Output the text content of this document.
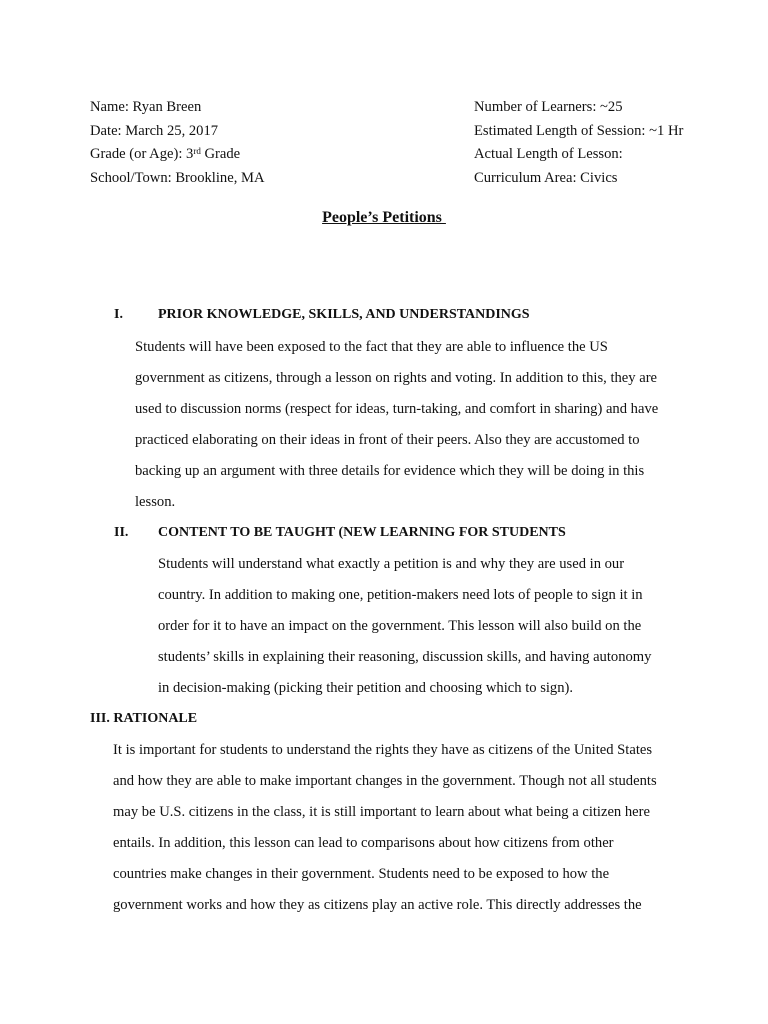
Name: Ryan Breen
Date: March 25, 2017
Grade (or Age): 3rd Grade
School/Town: Brookline, MA
Number of Learners: ~25
Estimated Length of Session: ~1 Hr
Actual Length of Lesson:
Curriculum Area: Civics
People’s Petitions
I.	PRIOR KNOWLEDGE, SKILLS, AND UNDERSTANDINGS
Students will have been exposed to the fact that they are able to influence the US
government as citizens, through a lesson on rights and voting. In addition to this, they are
used to discussion norms (respect for ideas, turn-taking, and comfort in sharing) and have
practiced elaborating on their ideas in front of their peers. Also they are accustomed to
backing up an argument with three details for evidence which they will be doing in this
lesson.
II. CONTENT TO BE TAUGHT (NEW LEARNING FOR STUDENTS
Students will understand what exactly a petition is and why they are used in our
country. In addition to making one, petition-makers need lots of people to sign it in
order for it to have an impact on the government. This lesson will also build on the
students’ skills in explaining their reasoning, discussion skills, and having autonomy
in decision-making (picking their petition and choosing which to sign).
III. RATIONALE
It is important for students to understand the rights they have as citizens of the United States
and how they are able to make important changes in the government. Though not all students
may be U.S. citizens in the class, it is still important to learn about what being a citizen here
entails. In addition, this lesson can lead to comparisons about how citizens from other
countries make changes in their government. Students need to be exposed to how the
government works and how they as citizens play an active role. This directly addresses the
